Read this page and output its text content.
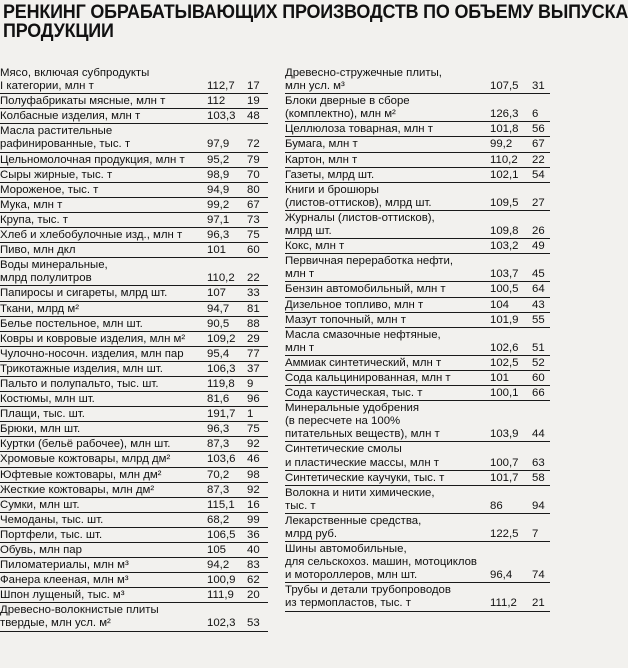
РЕНКИНГ ОБРАБАТЫВАЮЩИХ ПРОИЗВОДСТВ ПО ОБЪЕМУ ВЫПУСКА
ПРОДУКЦИИ
Мясо, включая субпродукты
I категории, млн т	112,7	17
Полуфабрикаты мясные, млн т	112	19
Колбасные изделия, млн т	103,3	48
Масла растительные
рафинированные, тыс. т	97,9	72
Цельномолочная продукция, млн т	95,2	79
Сыры жирные, тыс. т	98,9	70
Мороженое, тыс. т	94,9	80
Мука, млн т	99,2	67
Крупа, тыс. т	97,1	73
Хлеб и хлебобулочные изд., млн т	96,3	75
Пиво, млн дкл	101	60
Воды минеральные,
млрд полулитров	110,2	22
Папиросы и сигареты, млрд шт.	107	33
Ткани, млрд м²	94,7	81
Белье постельное, млн шт.	90,5	88
Ковры и ковровые изделия, млн м²	109,2	29
Чулочно-носочн. изделия, млн пар	95,4	77
Трикотажные изделия, млн шт.	106,3	37
Пальто и полупальто, тыс. шт.	119,8	9
Костюмы, млн шт.	81,6	96
Плащи, тыс. шт.	191,7	1
Брюки, млн шт.	96,3	75
Куртки (бельё рабочее), млн шт.	87,3	92
Хромовые кожтовары, млрд дм²	103,6	46
Юфтевые кожтовары, млн дм²	70,2	98
Жесткие кожтовары, млн дм²	87,3	92
Сумки, млн шт.	115,1	16
Чемоданы, тыс. шт.	68,2	99
Портфели, тыс. шт.	106,5	36
Обувь, млн пар	105	40
Пиломатериалы, млн м³	94,2	83
Фанера клееная, млн м³	100,9	62
Шпон лущеный, тыс. м³	111,9	20
Древесно-волокнистые плиты
твердые, млн усл. м²	102,3	53
Древесно-стружечные плиты,
млн усл. м³	107,5	31
Блоки дверные в сборе
(комплектно), млн м²	126,3	6
Целлюлоза товарная, млн т	101,8	56
Бумага, млн т	99,2	67
Картон, млн т	110,2	22
Газеты, млрд шт.	102,1	54
Книги и брошюры
(листов-оттисков), млрд шт.	109,5	27
Журналы (листов-оттисков),
млрд шт.	109,8	26
Кокс, млн т	103,2	49
Первичная переработка нефти,
млн т	103,7	45
Бензин автомобильный, млн т	100,5	64
Дизельное топливо, млн т	104	43
Мазут топочный, млн т	101,9	55
Масла смазочные нефтяные,
млн т	102,6	51
Аммиак синтетический, млн т	102,5	52
Сода кальцинированная, млн т	101	60
Сода каустическая, тыс. т	100,1	66
Минеральные удобрения
(в пересчете на 100%
питательных веществ), млн т	103,9	44
Синтетические смолы
и пластические массы, млн т	100,7	63
Синтетические каучуки, тыс. т	101,7	58
Волокна и нити химические,
тыс. т	86	94
Лекарственные средства,
млрд руб.	122,5	7
Шины автомобильные,
для сельскохоз. машин, мотоциклов
и мотороллеров, млн шт.	96,4	74
Трубы и детали трубопроводов
из термопластов, тыс. т	111,2	21
